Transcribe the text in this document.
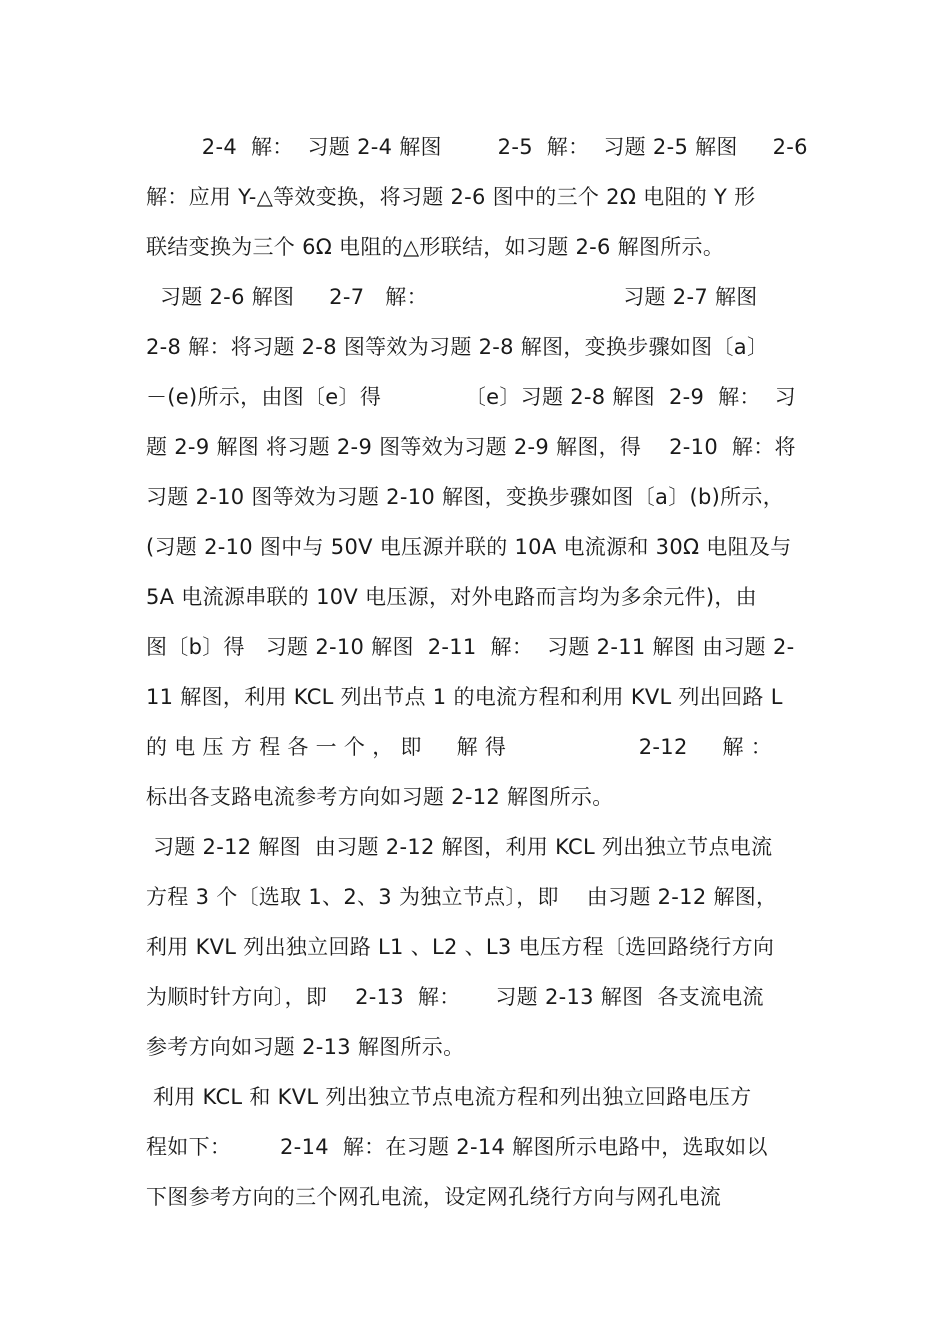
2-4  解：  习题 2-4 解图        2-5  解：  习题 2-5 解图     2-6
解：应用 Y-△等效变换，将习题 2-6 图中的三个 2Ω 电阻的 Y 形
联结变换为三个 6Ω 电阻的△形联结，如习题 2-6 解图所示。
习题 2-6 解图     2-7   解：                            习题 2-7 解图
2-8 解：将习题 2-8 图等效为习题 2-8 解图，变换步骤如图〔a〕
－(e)所示，由图〔e〕得            〔e〕习题 2-8 解图  2-9  解：  习
题 2-9 解图 将习题 2-9 图等效为习题 2-9 解图，得    2-10  解：将
习题 2-10 图等效为习题 2-10 解图，变换步骤如图〔a〕(b)所示，
(习题 2-10 图中与 50V 电压源并联的 10A 电流源和 30Ω 电阻及与
5A 电流源串联的 10V 电压源，对外电路而言均为多余元件)，由
图〔b〕得   习题 2-10 解图  2-11  解：  习题 2-11 解图 由习题 2-
11 解图，利用 KCL 列出节点 1 的电流方程和利用 KVL 列出回路 L
的 电 压 方 程 各 一 个 ， 即     解 得                   2-12     解 ：
标出各支路电流参考方向如习题 2-12 解图所示。
习题 2-12 解图  由习题 2-12 解图，利用 KCL 列出独立节点电流
方程 3 个〔选取 1、2、3 为独立节点〕，即    由习题 2-12 解图，
利用 KVL 列出独立回路 L1 、L2 、L3 电压方程〔选回路绕行方向
为顺时针方向〕，即    2-13  解：     习题 2-13 解图  各支流电流
参考方向如习题 2-13 解图所示。
利用 KCL 和 KVL 列出独立节点电流方程和列出独立回路电压方
程如下：       2-14  解：在习题 2-14 解图所示电路中，选取如以
下图参考方向的三个网孔电流，设定网孔绕行方向与网孔电流
